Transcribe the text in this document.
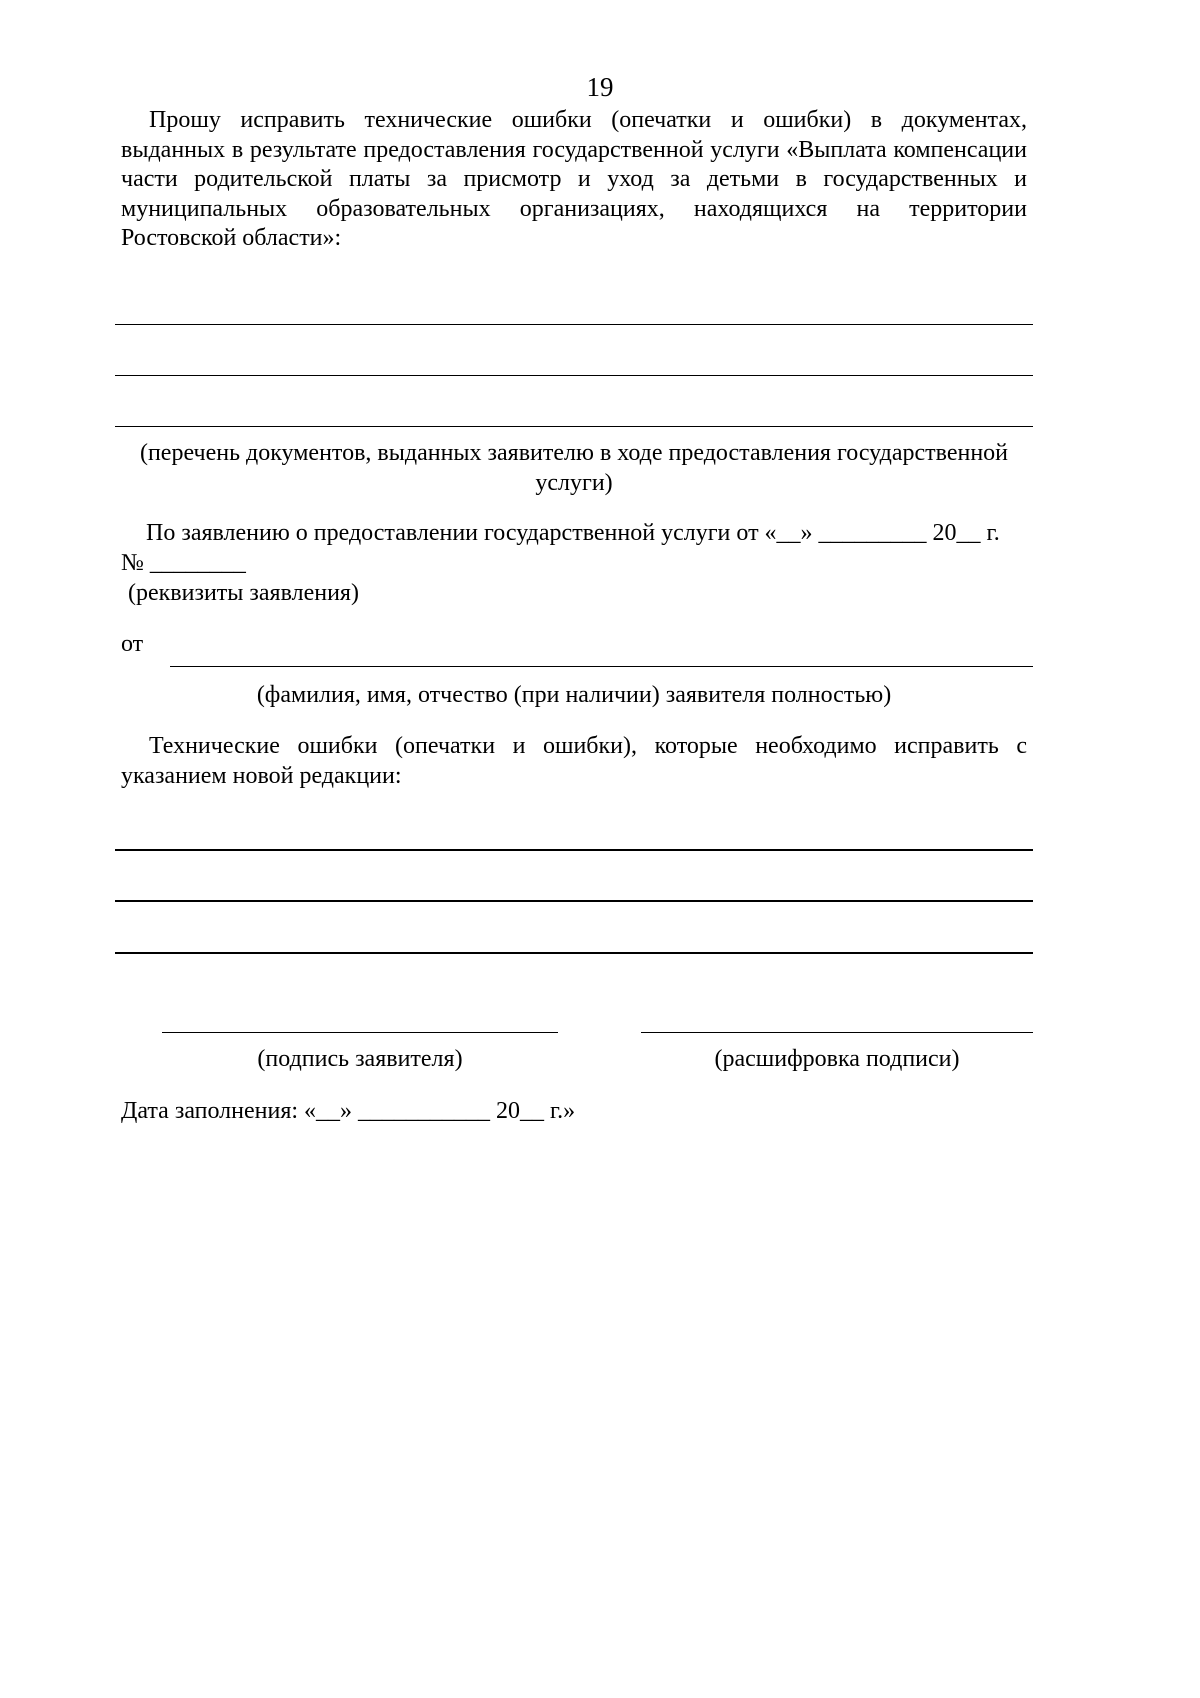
19
Прошу исправить технические ошибки (опечатки и ошибки) в документах, выданных в результате предоставления государственной услуги «Выплата компенсации части родительской платы за присмотр и уход за детьми в государственных и муниципальных образовательных организациях, находящихся на территории Ростовской области»:
(перечень документов, выданных заявителю в ходе предоставления государственной услуги)
По заявлению о предоставлении государственной услуги от «__» _________ 20__ г.
№ ________
(реквизиты заявления)
от
(фамилия, имя, отчество (при наличии) заявителя полностью)
Технические ошибки (опечатки и ошибки), которые необходимо исправить с указанием новой редакции:
(подпись заявителя)	(расшифровка подписи)
Дата заполнения: «__» ___________ 20__ г.»
